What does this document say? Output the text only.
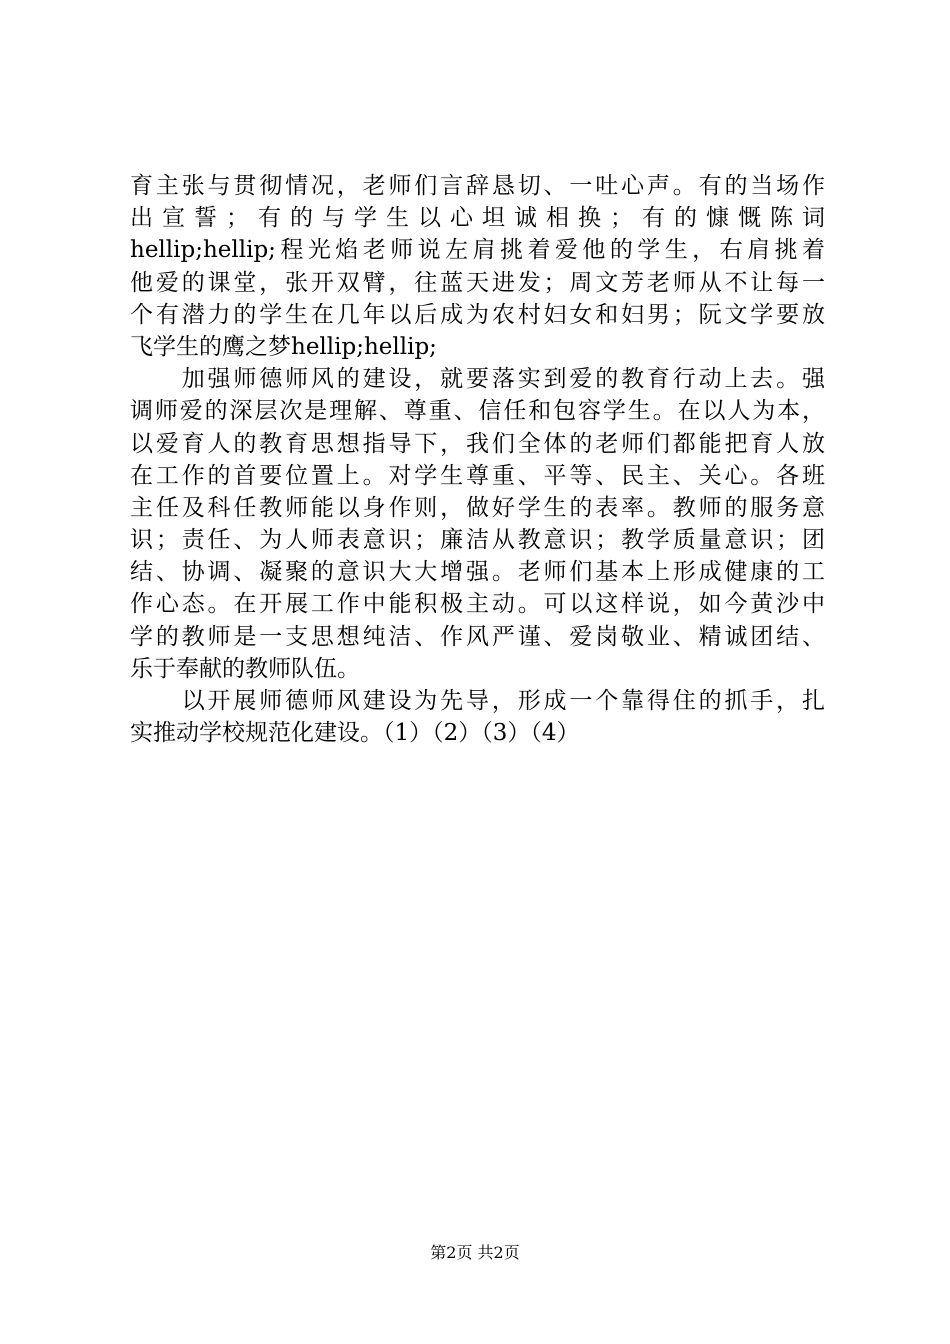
育主张与贯彻情况，老师们言辞恳切、一吐心声。有的当场作
出宣誓；有的与学生以心坦诚相换；有的慷慨陈词
hellip;hellip;程光焰老师说左肩挑着爱他的学生，右肩挑着
他爱的课堂，张开双臂，往蓝天进发；周文芳老师从不让每一
个有潜力的学生在几年以后成为农村妇女和妇男；阮文学要放
飞学生的鹰之梦hellip;hellip;
　　加强师德师风的建设，就要落实到爱的教育行动上去。强
调师爱的深层次是理解、尊重、信任和包容学生。在以人为本，
以爱育人的教育思想指导下，我们全体的老师们都能把育人放
在工作的首要位置上。对学生尊重、平等、民主、关心。各班
主任及科任教师能以身作则，做好学生的表率。教师的服务意
识；责任、为人师表意识；廉洁从教意识；教学质量意识；团
结、协调、凝聚的意识大大增强。老师们基本上形成健康的工
作心态。在开展工作中能积极主动。可以这样说，如今黄沙中
学的教师是一支思想纯洁、作风严谨、爱岗敬业、精诚团结、
乐于奉献的教师队伍。
　　以开展师德师风建设为先导，形成一个靠得住的抓手，扎
实推动学校规范化建设。（1）（2）（3）（4）
第2页 共2页
